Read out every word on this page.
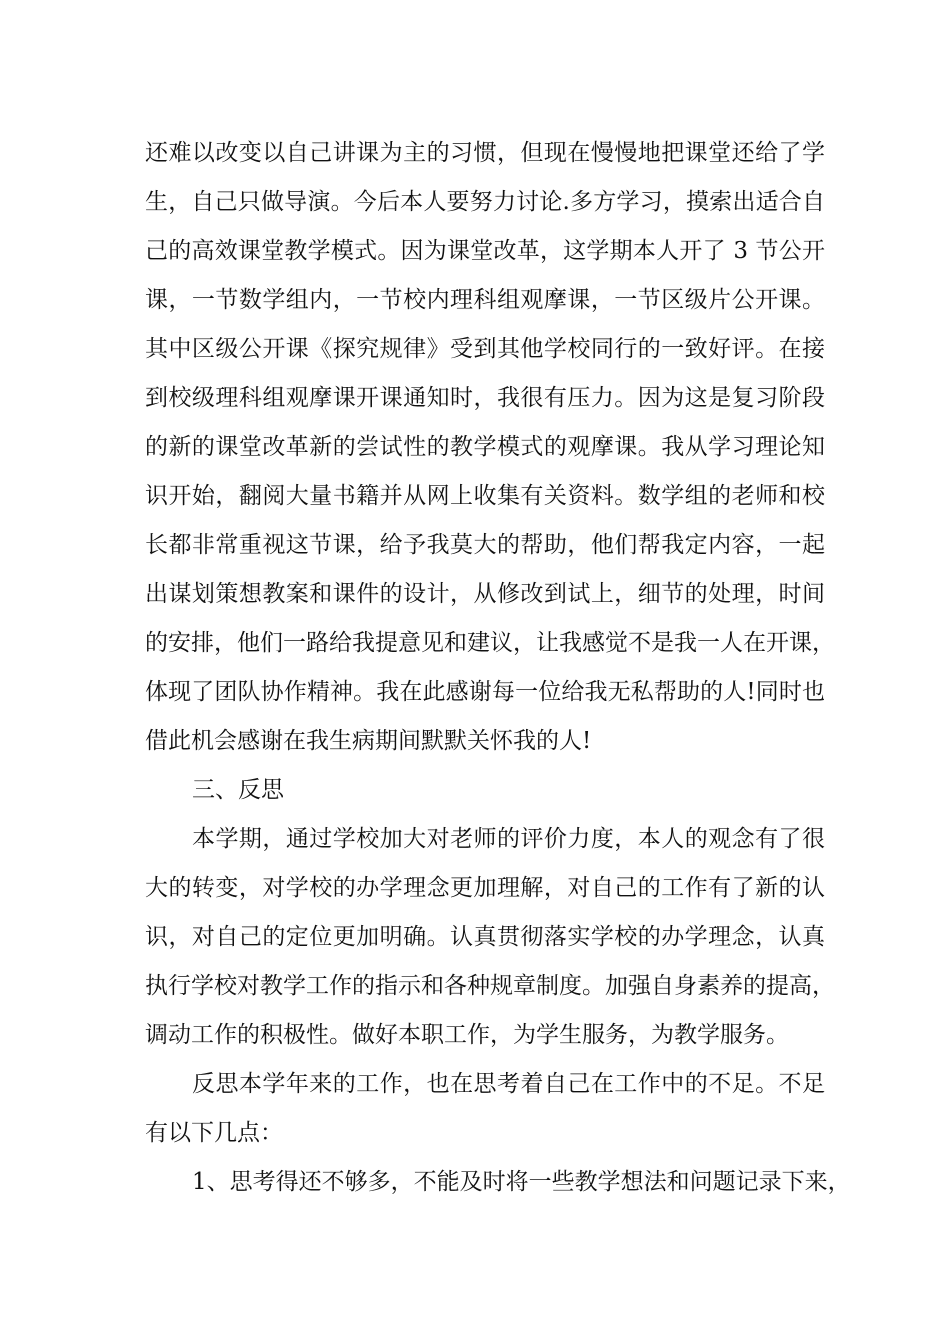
还难以改变以自己讲课为主的习惯，但现在慢慢地把课堂还给了学
生，自己只做导演。今后本人要努力讨论.多方学习，摸索出适合自
己的高效课堂教学模式。因为课堂改革，这学期本人开了 3 节公开
课，一节数学组内，一节校内理科组观摩课，一节区级片公开课。
其中区级公开课《探究规律》受到其他学校同行的一致好评。在接
到校级理科组观摩课开课通知时，我很有压力。因为这是复习阶段
的新的课堂改革新的尝试性的教学模式的观摩课。我从学习理论知
识开始，翻阅大量书籍并从网上收集有关资料。数学组的老师和校
长都非常重视这节课，给予我莫大的帮助，他们帮我定内容，一起
出谋划策想教案和课件的设计，从修改到试上，细节的处理，时间
的安排，他们一路给我提意见和建议，让我感觉不是我一人在开课，
体现了团队协作精神。我在此感谢每一位给我无私帮助的人!同时也
借此机会感谢在我生病期间默默关怀我的人!
三、反思
本学期，通过学校加大对老师的评价力度，本人的观念有了很
大的转变，对学校的办学理念更加理解，对自己的工作有了新的认
识，对自己的定位更加明确。认真贯彻落实学校的办学理念，认真
执行学校对教学工作的指示和各种规章制度。加强自身素养的提高，
调动工作的积极性。做好本职工作，为学生服务，为教学服务。
反思本学年来的工作，也在思考着自己在工作中的不足。不足
有以下几点：
1、思考得还不够多，不能及时将一些教学想法和问题记录下来，
